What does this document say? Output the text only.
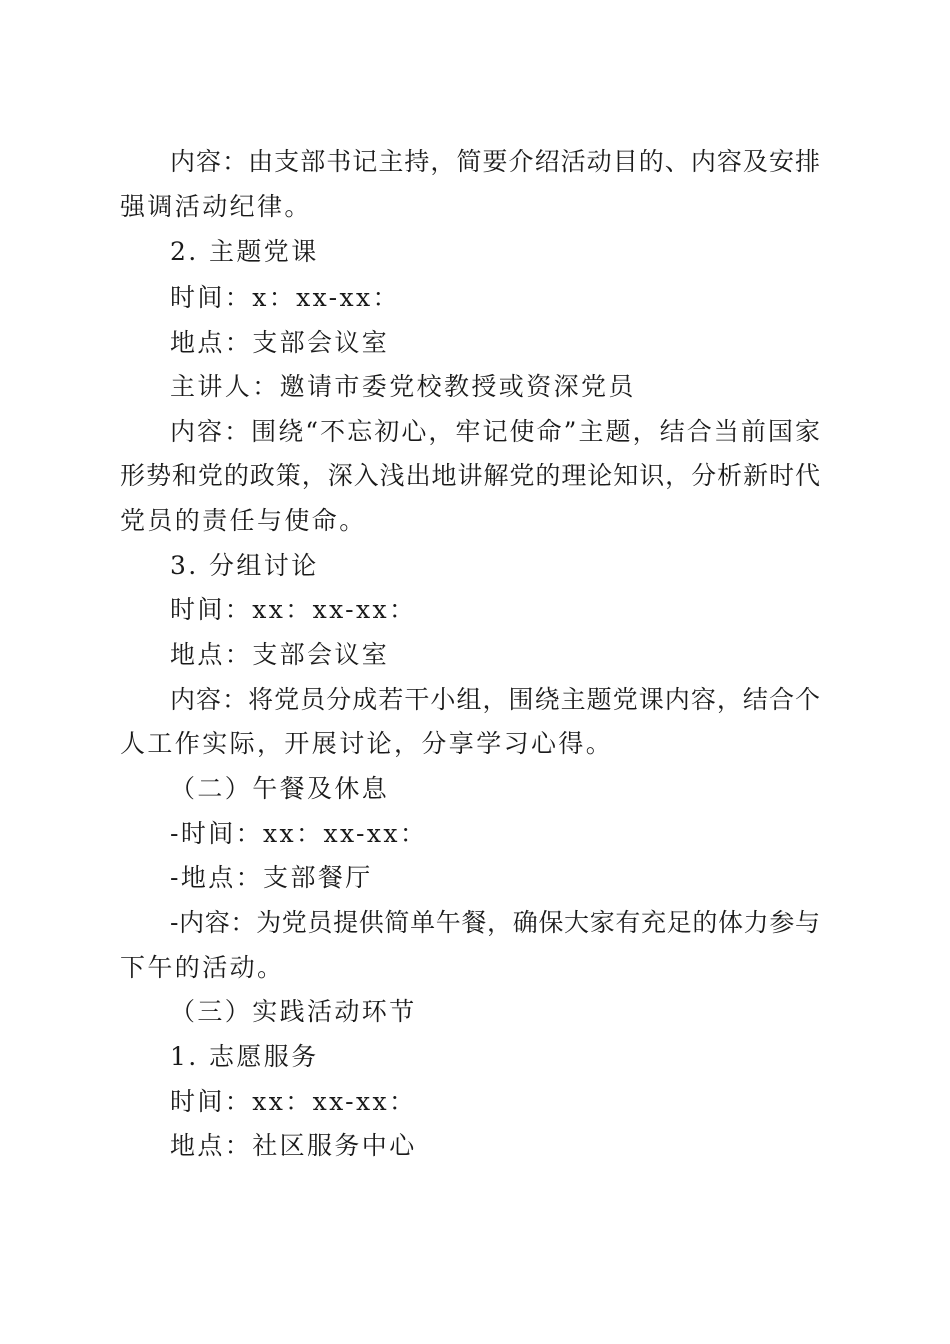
内容：由支部书记主持，简要介绍活动目的、内容及安排
强调活动纪律。
2. 主题党课
时间：x：xx-xx：
地点：支部会议室
主讲人：邀请市委党校教授或资深党员
内容：围绕“不忘初心，牢记使命”主题，结合当前国家
形势和党的政策，深入浅出地讲解党的理论知识，分析新时代
党员的责任与使命。
3. 分组讨论
时间：xx：xx-xx：
地点：支部会议室
内容：将党员分成若干小组，围绕主题党课内容，结合个
人工作实际，开展讨论，分享学习心得。
（二）午餐及休息
-时间：xx：xx-xx：
-地点：支部餐厅
-内容：为党员提供简单午餐，确保大家有充足的体力参与
下午的活动。
（三）实践活动环节
1. 志愿服务
时间：xx：xx-xx：
地点：社区服务中心
